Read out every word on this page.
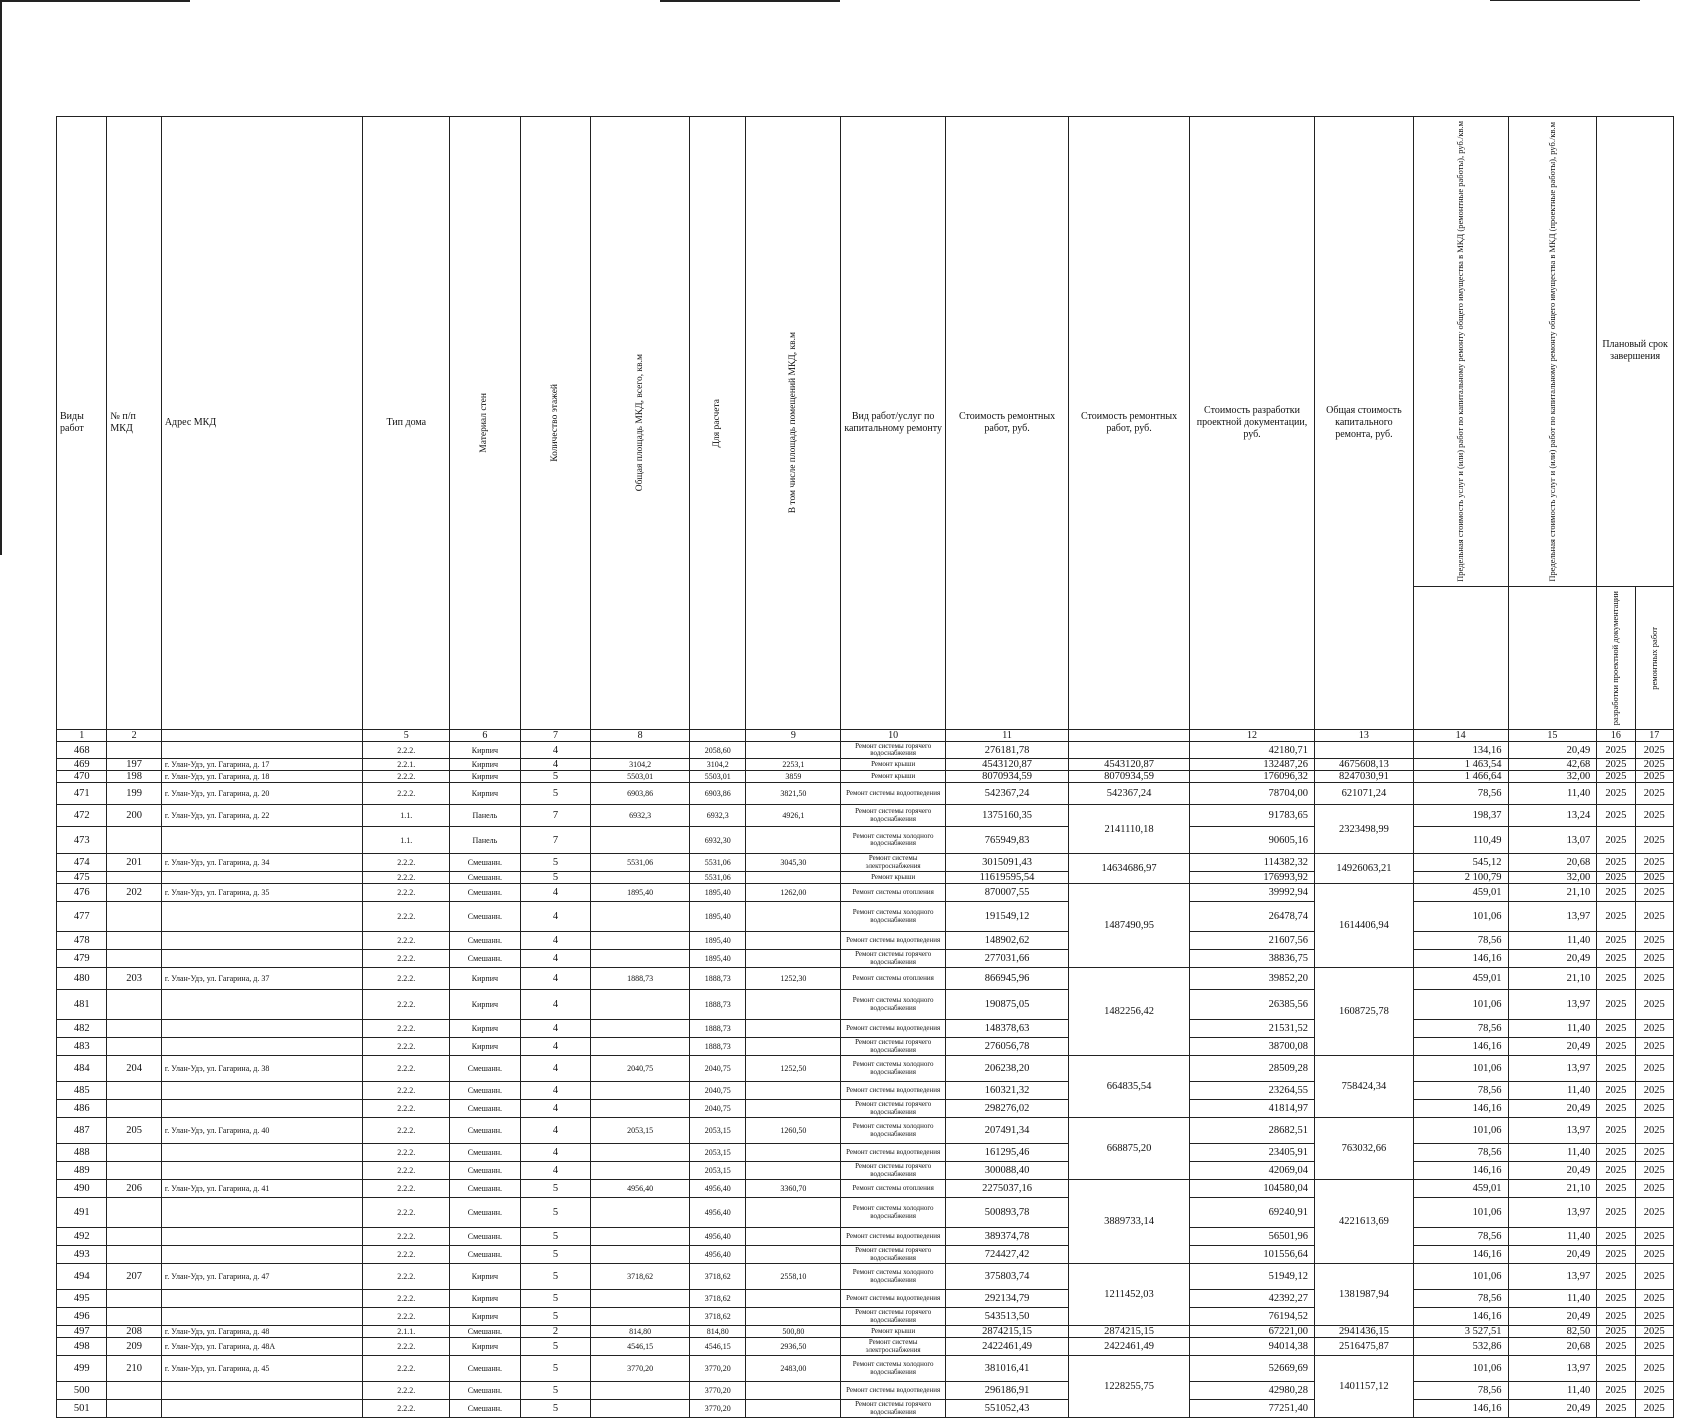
Виды работ	№ п/п МКД	Адрес МКД	Тип дома	Материал стен	Количество этажей	Общая площадь МКД, всего, кв.м	Для расчета	В том числе площадь помещений МКД, кв.м	Вид работ/услуг по капитальному ремонту	Стоимость ремонтных работ, руб.	Стоимость ремонтных работ, руб.	Стоимость разработки проектной документации, руб.	Общая стоимость капитального ремонта, руб.	Предельная стоимость услуг и (или) работ по капитальному ремонту общего имущества в МКД (ремонтные работы), руб./кв.м	Предельная стоимость услуг и (или) работ по капитальному ремонту общего имущества в МКД (проектные работы), руб./кв.м	Плановый срок завершения	

																разработки проектной документации	ремонтных работ

1	2		5	6	7	8		9	10	11		12	13	14	15	16	17
468			2.2.2.	Кирпич	4		2058,60		Ремонт системы горячего водоснабжения	276181,78		42180,71		134,16	20,49	2025	2025
469	197	г. Улан-Удэ, ул. Гагарина, д. 17	2.2.1.	Кирпич	4	3104,2	3104,2	2253,1	Ремонт крыши	4543120,87	4543120,87	132487,26	4675608,13	1 463,54	42,68	2025	2025
470	198	г. Улан-Удэ, ул. Гагарина, д. 18	2.2.2.	Кирпич	5	5503,01	5503,01	3859	Ремонт крыши	8070934,59	8070934,59	176096,32	8247030,91	1 466,64	32,00	2025	2025
471	199	г. Улан-Удэ, ул. Гагарина, д. 20	2.2.2.	Кирпич	5	6903,86	6903,86	3821,50	Ремонт системы водоотведения	542367,24	542367,24	78704,00	621071,24	78,56	11,40	2025	2025
472	200	г. Улан-Удэ, ул. Гагарина, д. 22	1.1.	Панель	7	6932,3	6932,3	4926,1	Ремонт системы горячего водоснабжения	1375160,35	2141110,18	91783,65	2323498,99	198,37	13,24	2025	2025
473			1.1.	Панель	7		6932,30		Ремонт системы холодного водоснабжения	765949,83		90605,16		110,49	13,07	2025	2025
474	201	г. Улан-Удэ, ул. Гагарина, д. 34	2.2.2.	Смешанн.	5	5531,06	5531,06	3045,30	Ремонт системы электроснабжения	3015091,43	14634686,97	114382,32	14926063,21	545,12	20,68	2025	2025
475			2.2.2.	Смешанн.	5		5531,06		Ремонт крыши	11619595,54		176993,92		2 100,79	32,00	2025	2025
476	202	г. Улан-Удэ, ул. Гагарина, д. 35	2.2.2.	Смешанн.	4	1895,40	1895,40	1262,00	Ремонт системы отопления	870007,55	1487490,95	39992,94	1614406,94	459,01	21,10	2025	2025
477			2.2.2.	Смешанн.	4		1895,40		Ремонт системы холодного водоснабжения	191549,12		26478,74		101,06	13,97	2025	2025
478			2.2.2.	Смешанн.	4		1895,40		Ремонт системы водоотведения	148902,62		21607,56		78,56	11,40	2025	2025
479			2.2.2.	Смешанн.	4		1895,40		Ремонт системы горячего водоснабжения	277031,66		38836,75		146,16	20,49	2025	2025
480	203	г. Улан-Удэ, ул. Гагарина, д. 37	2.2.2.	Кирпич	4	1888,73	1888,73	1252,30	Ремонт системы отопления	866945,96	1482256,42	39852,20	1608725,78	459,01	21,10	2025	2025
481			2.2.2.	Кирпич	4		1888,73		Ремонт системы холодного водоснабжения	190875,05		26385,56		101,06	13,97	2025	2025
482			2.2.2.	Кирпич	4		1888,73		Ремонт системы водоотведения	148378,63		21531,52		78,56	11,40	2025	2025
483			2.2.2.	Кирпич	4		1888,73		Ремонт системы горячего водоснабжения	276056,78		38700,08		146,16	20,49	2025	2025
484	204	г. Улан-Удэ, ул. Гагарина, д. 38	2.2.2.	Смешанн.	4	2040,75	2040,75	1252,50	Ремонт системы холодного водоснабжения	206238,20	664835,54	28509,28	758424,34	101,06	13,97	2025	2025
485			2.2.2.	Смешанн.	4		2040,75		Ремонт системы водоотведения	160321,32		23264,55		78,56	11,40	2025	2025
486			2.2.2.	Смешанн.	4		2040,75		Ремонт системы горячего водоснабжения	298276,02		41814,97		146,16	20,49	2025	2025
487	205	г. Улан-Удэ, ул. Гагарина, д. 40	2.2.2.	Смешанн.	4	2053,15	2053,15	1260,50	Ремонт системы холодного водоснабжения	207491,34	668875,20	28682,51	763032,66	101,06	13,97	2025	2025
488			2.2.2.	Смешанн.	4		2053,15		Ремонт системы водоотведения	161295,46		23405,91		78,56	11,40	2025	2025
489			2.2.2.	Смешанн.	4		2053,15		Ремонт системы горячего водоснабжения	300088,40		42069,04		146,16	20,49	2025	2025
490	206	г. Улан-Удэ, ул. Гагарина, д. 41	2.2.2.	Смешанн.	5	4956,40	4956,40	3360,70	Ремонт системы отопления	2275037,16	3889733,14	104580,04	4221613,69	459,01	21,10	2025	2025
491			2.2.2.	Смешанн.	5		4956,40		Ремонт системы холодного водоснабжения	500893,78		69240,91		101,06	13,97	2025	2025
492			2.2.2.	Смешанн.	5		4956,40		Ремонт системы водоотведения	389374,78		56501,96		78,56	11,40	2025	2025
493			2.2.2.	Смешанн.	5		4956,40		Ремонт системы горячего водоснабжения	724427,42		101556,64		146,16	20,49	2025	2025
494	207	г. Улан-Удэ, ул. Гагарина, д. 47	2.2.2.	Кирпич	5	3718,62	3718,62	2558,10	Ремонт системы холодного водоснабжения	375803,74	1211452,03	51949,12	1381987,94	101,06	13,97	2025	2025
495			2.2.2.	Кирпич	5		3718,62		Ремонт системы водоотведения	292134,79		42392,27		78,56	11,40	2025	2025
496			2.2.2.	Кирпич	5		3718,62		Ремонт системы горячего водоснабжения	543513,50		76194,52		146,16	20,49	2025	2025
497	208	г. Улан-Удэ, ул. Гагарина, д. 48	2.1.1.	Смешанн.	2	814,80	814,80	500,80	Ремонт крыши	2874215,15	2874215,15	67221,00	2941436,15	3 527,51	82,50	2025	2025
498	209	г. Улан-Удэ, ул. Гагарина, д. 48А	2.2.2.	Кирпич	5	4546,15	4546,15	2936,50	Ремонт системы электроснабжения	2422461,49	2422461,49	94014,38	2516475,87	532,86	20,68	2025	2025
499	210	г. Улан-Удэ, ул. Гагарина, д. 45	2.2.2.	Смешанн.	5	3770,20	3770,20	2483,00	Ремонт системы холодного водоснабжения	381016,41	1228255,75	52669,69	1401157,12	101,06	13,97	2025	2025
500			2.2.2.	Смешанн.	5		3770,20		Ремонт системы водоотведения	296186,91		42980,28		78,56	11,40	2025	2025
501			2.2.2.	Смешанн.	5		3770,20		Ремонт системы горячего водоснабжения	551052,43		77251,40		146,16	20,49	2025	2025
